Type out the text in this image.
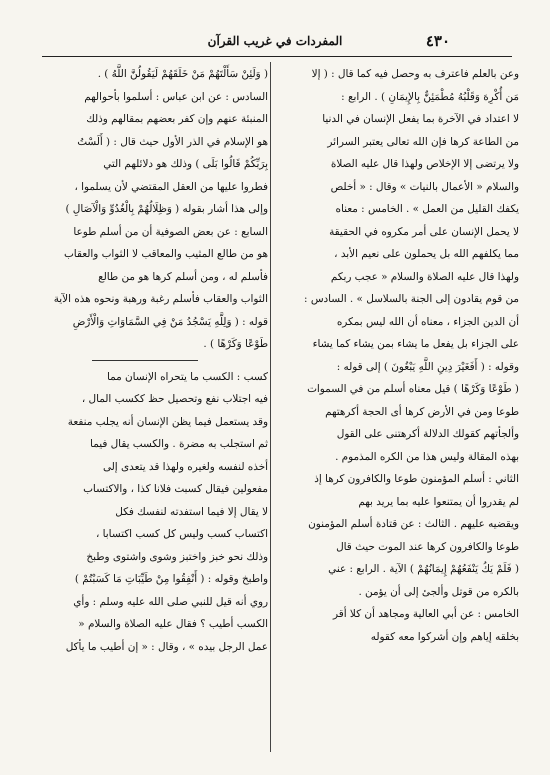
٤٣٠
المفردات في غريب القرآن
وعن بالعلم فاعترف به وحصل فيه كما قال : ( إلا
مَن أُكْرِهَ وَقَلْبُهُ مُطْمَئِنٌّ بِالإِيمَانِ ) . الرابع :
لا اعتداد في الآخرة بما يفعل الإنسان في الدنيا
من الطاعة كرها فإن الله تعالى يعتبر السرائر
ولا يرتضى إلا الإخلاص ولهذا قال عليه الصلاة
والسلام « الأعمال بالنيات » وقال : « أخلص
يكفك القليل من العمل » . الخامس : معناه
لا يحمل الإنسان على أمر مكروه في الحقيقة
مما يكلفهم الله بل يحملون على نعيم الأبد ،
ولهذا قال عليه الصلاة والسلام « عجب ربكم
من قوم يقادون إلى الجنة بالسلاسل » . السادس :
أن الدين الجزاء ، معناه أن الله ليس بمكره
على الجزاء بل يفعل ما يشاء بمن يشاء كما يشاء
وقوله : ( أَفَغَيْرَ دِينِ اللَّهِ يَبْغُونَ ) إلى قوله :
( طَوْعًا وَكَرْهًا ) قيل معناه أسلم من في السموات
طوعا ومن في الأرض كرها أى الحجة أكرهتهم
وألجأتهم كقولك الدلالة أكرهتنى على القول
بهذه المقالة وليس هذا من الكره المذموم .
الثاني : أسلم المؤمنون طوعا والكافرون كرها إذ
لم يقدروا أن يمتنعوا عليه بما يريد بهم
ويقضيه عليهم . الثالث : عن قتادة أسلم المؤمنون
طوعا والكافرون كرها عند الموت حيث قال
( فَلَمْ يَكُ يَنْفَعُهُمْ إِيمَانُهُمْ ) الآية . الرابع : عني
بالكره من قوتل وألجئ إلى أن يؤمن .
الخامس : عن أبي العالية ومجاهد أن كلا أقر
بخلقه إياهم وإن أشركوا معه كقوله
( وَلَئِنْ سَأَلْتَهُمْ مَنْ خَلَقَهُمْ لَيَقُولُنَّ اللَّهُ ) .
السادس : عن ابن عباس : أسلموا بأحوالهم
المنبئة عنهم وإن كفر بعضهم بمقالهم وذلك
هو الإسلام في الذر الأول حيث قال : ( أَلَسْتُ
بِرَبِّكُمْ قَالُوا بَلَى ) وذلك هو دلائلهم التي
فطروا عليها من العقل المقتضي لأن يسلموا ،
وإلى هذا أشار بقوله ( وَظِلَالُهُمْ بِالْغُدُوِّ وَالْآصَالِ )
السابع : عن بعض الصوفية أن من أسلم طوعا
هو من طالع المثيب والمعاقب لا الثواب والعقاب
فأسلم له ، ومن أسلم كرها هو من طالع
الثواب والعقاب فأسلم رغبة ورهبة ونحوه هذه الآية
قوله : ( وَلِلَّهِ يَسْجُدُ مَنْ فِي السَّمَاوَاتِ وَالْأَرْضِ
طَوْعًا وَكَرْهًا ) .
كسب : الكسب ما يتحراه الإنسان مما
فيه اجتلاب نفع وتحصيل حظ ككسب المال ،
وقد يستعمل فيما يظن الإنسان أنه يجلب منفعة
ثم استجلب به مضرة . والكسب يقال فيما
أخذه لنفسه ولغيره ولهذا قد يتعدى إلى
مفعولين فيقال كسبت فلانا كذا ، والاكتساب
لا يقال إلا فيما استفدته لنفسك فكل
اكتساب كسب وليس كل كسب اكتسابا ،
وذلك نحو خبز واختبز وشوى واشتوى وطبخ
واطبخ وقوله : ( أَنْفِقُوا مِنْ طَيِّبَاتِ مَا كَسَبْتُمْ )
روي أنه قيل للنبي صلى الله عليه وسلم : وأي
الكسب أطيب ؟ فقال عليه الصلاة والسلام «
عمل الرجل بيده » ، وقال : « إن أطيب ما يأكل
